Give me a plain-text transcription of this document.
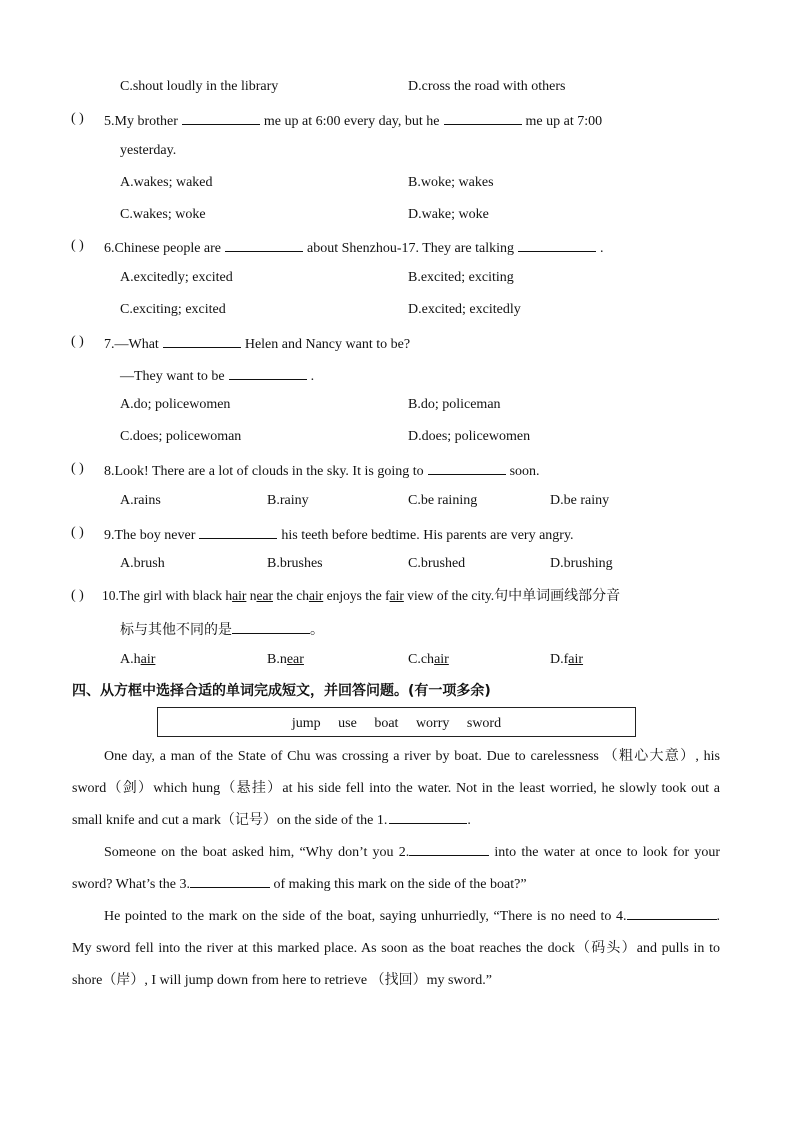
C.shout loudly in the library	D.cross the road with others
( ) 5.My brother	me up at 6:00 every day, but he	me up at 7:00
yesterday.
A.wakes; waked	B.woke; wakes
C.wakes; woke	D.wake; woke
( ) 6.Chinese people are	about Shenzhou-17. They are talking	.
A.excitedly; excited	B.excited; exciting
C.exciting; excited	D.excited; excitedly
( ) 7.—What	Helen and Nancy want to be?
—They want to be	.
A.do; policewomen	B.do; policeman
C.does; policewoman	D.does; policewomen
( ) 8.Look! There are a lot of clouds in the sky. It is going to	soon.
A.rains	B.rainy	C.be raining	D.be rainy
( ) 9.The boy never	his teeth before bedtime. His parents are very angry.
A.brush	B.brushes	C.brushed	D.brushing
( ) 10.The girl with black hair near the chair enjoys the fair view of the city.句中单词画线部分音
标与其他不同的是	。
A.hair	B.near	C.chair	D.fair
四、从方框中选择合适的单词完成短文，并回答问题。(有一项多余)
jump use boat worry sword
One day, a man of the State of Chu was crossing a river by boat. Due to carelessness （粗心大意）, his sword（剑）which hung（悬挂）at his side fell into the water. Not in the least worried, he slowly took out a small knife and cut a mark（记号）on the side of the 1.	.
Someone on the boat asked him, “Why don’t you 2.	into the water at once to look for your sword? What’s the 3.	of making this mark on the side of the boat?”
He pointed to the mark on the side of the boat, saying unhurriedly, “There is no need to 4.	. My sword fell into the river at this marked place. As soon as the boat reaches the dock（码头）and pulls in to shore（岸）, I will jump down from here to retrieve （找回）my sword.”
